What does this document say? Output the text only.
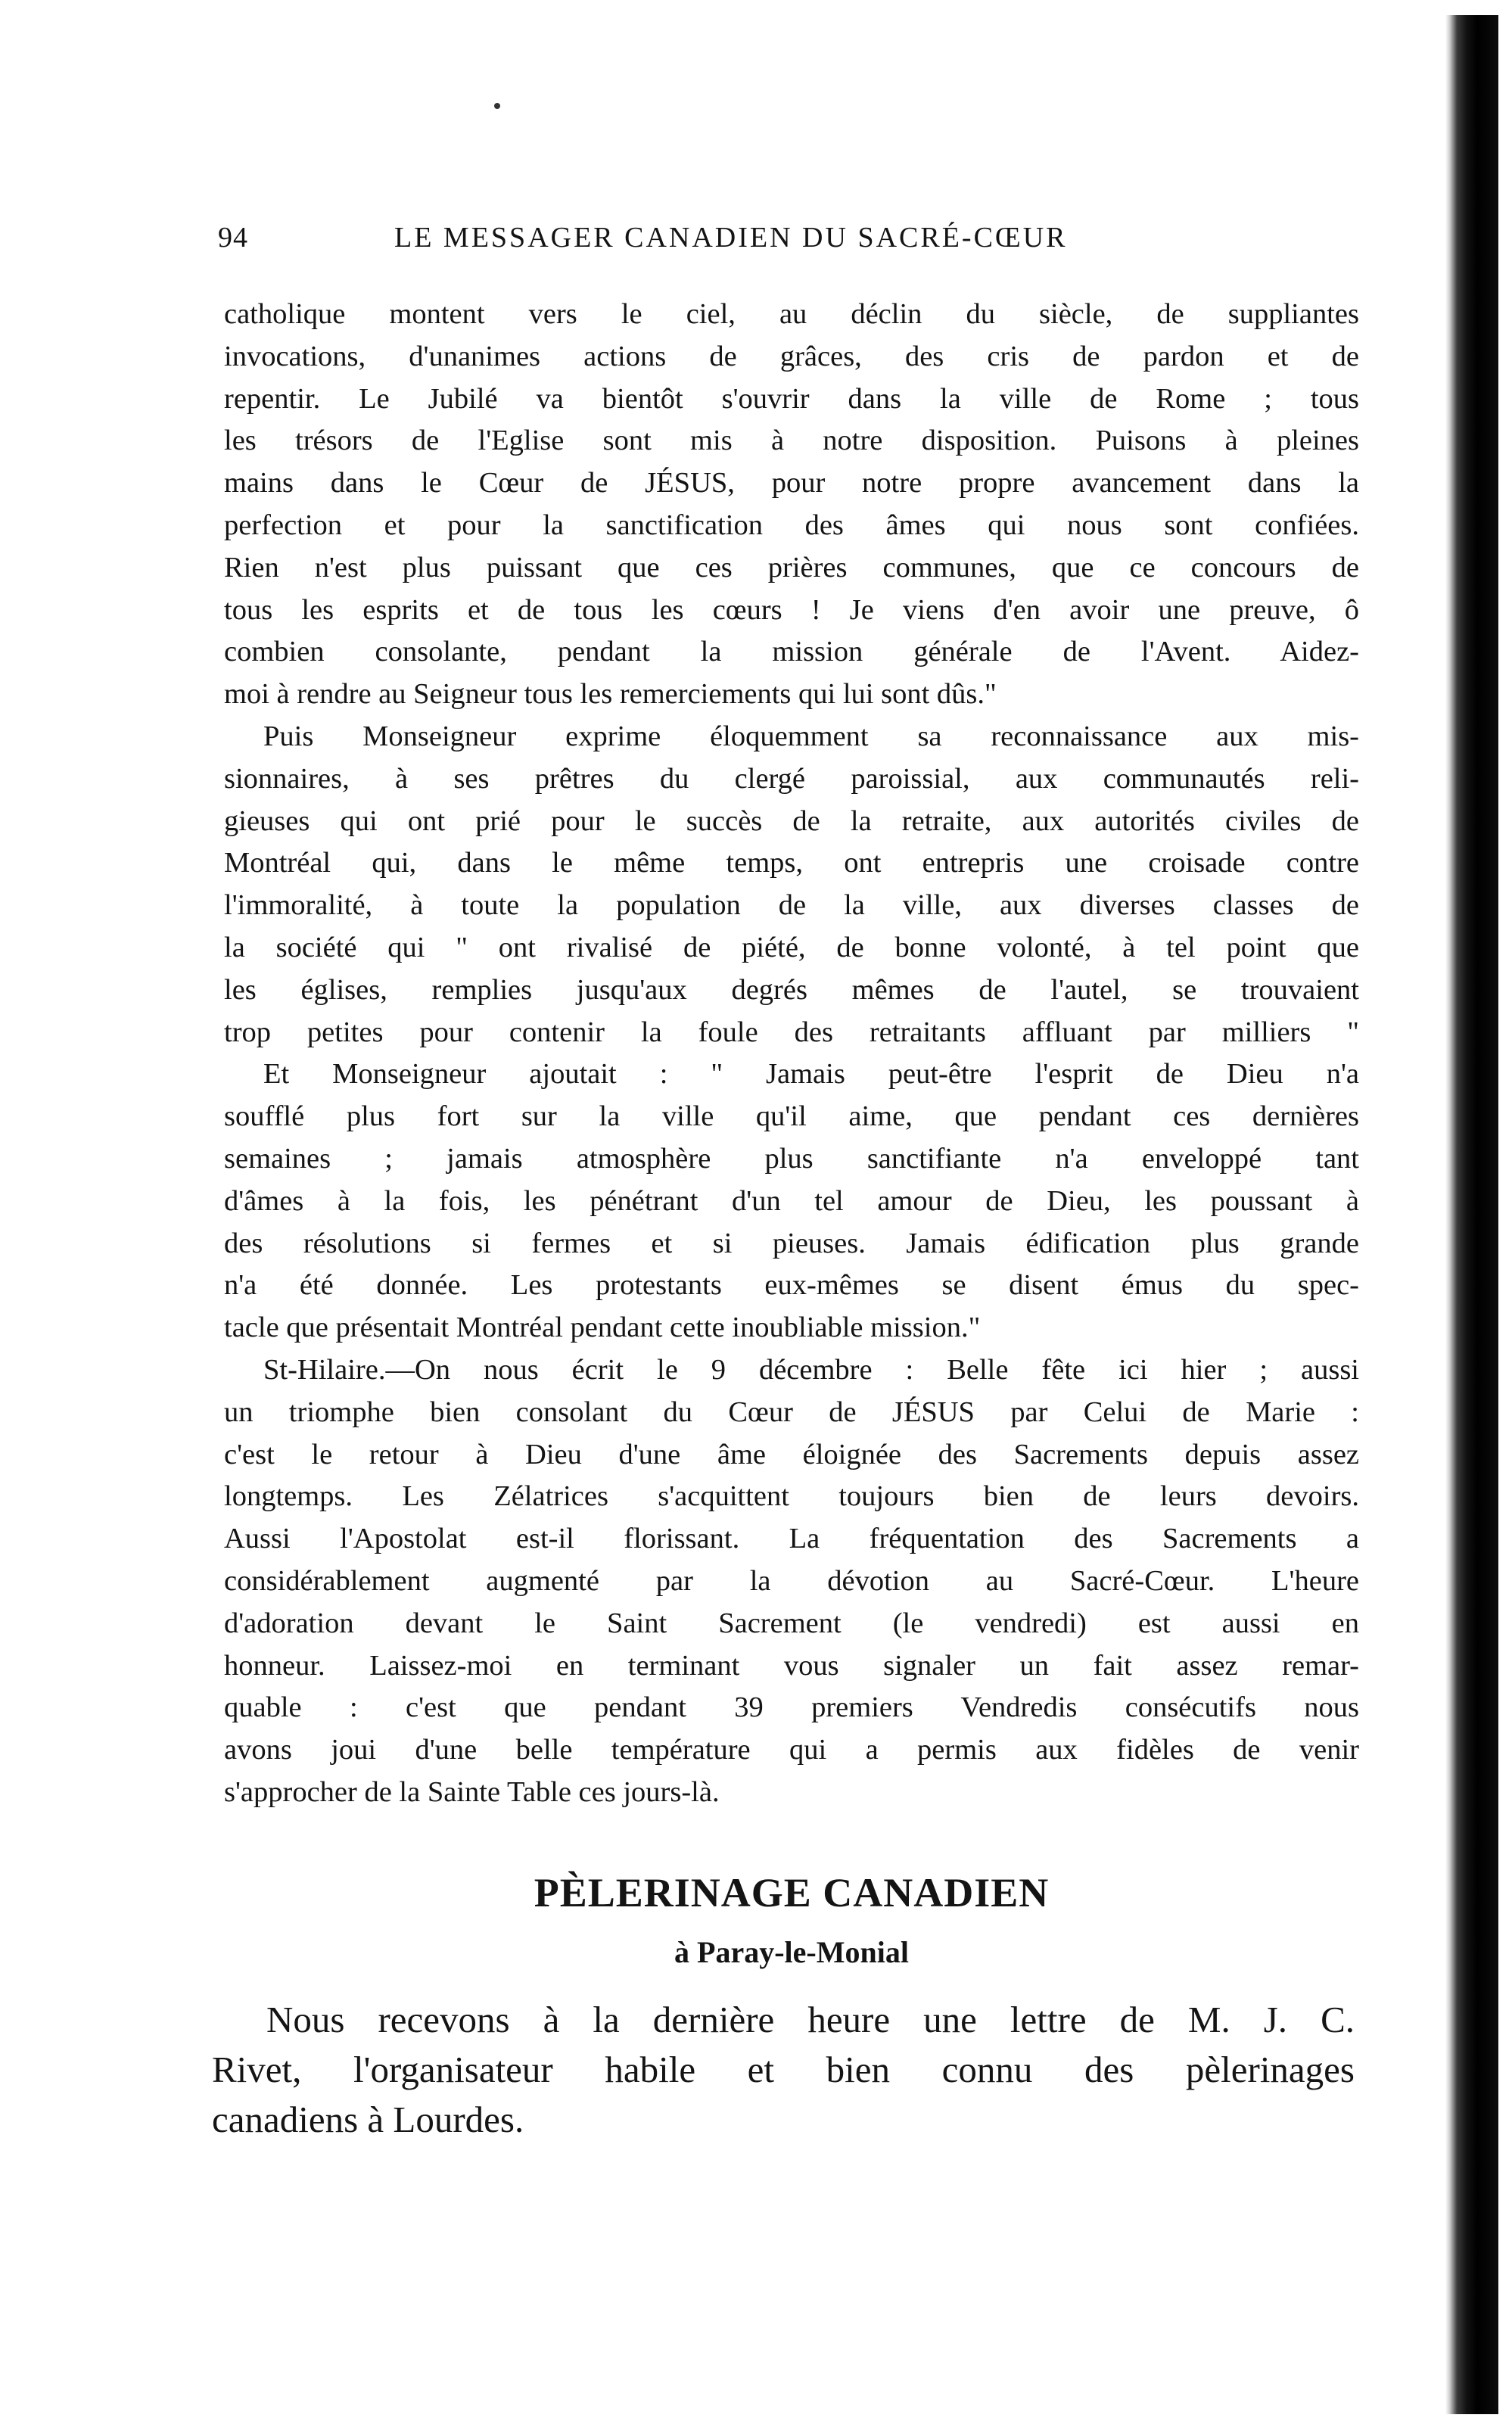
94	LE MESSAGER CANADIEN DU SACRÉ-CŒUR
catholique montent vers le ciel, au déclin du siècle, de suppliantes
invocations, d'unanimes actions de grâces, des cris de pardon et de
repentir. Le Jubilé va bientôt s'ouvrir dans la ville de Rome ; tous
les trésors de l'Eglise sont mis à notre disposition. Puisons à pleines
mains dans le Cœur de JÉSUS, pour notre propre avancement dans la
perfection et pour la sanctification des âmes qui nous sont confiées.
Rien n'est plus puissant que ces prières communes, que ce concours de
tous les esprits et de tous les cœurs ! Je viens d'en avoir une preuve, ô
combien consolante, pendant la mission générale de l'Avent. Aidez-
moi à rendre au Seigneur tous les remerciements qui lui sont dûs."
Puis Monseigneur exprime éloquemment sa reconnaissance aux mis-
sionnaires, à ses prêtres du clergé paroissial, aux communautés reli-
gieuses qui ont prié pour le succès de la retraite, aux autorités civiles de
Montréal qui, dans le même temps, ont entrepris une croisade contre
l'immoralité, à toute la population de la ville, aux diverses classes de
la société qui " ont rivalisé de piété, de bonne volonté, à tel point que
les églises, remplies jusqu'aux degrés mêmes de l'autel, se trouvaient
trop petites pour contenir la foule des retraitants affluant par milliers "
Et Monseigneur ajoutait : " Jamais peut-être l'esprit de Dieu n'a
soufflé plus fort sur la ville qu'il aime, que pendant ces dernières
semaines ; jamais atmosphère plus sanctifiante n'a enveloppé tant
d'âmes à la fois, les pénétrant d'un tel amour de Dieu, les poussant à
des résolutions si fermes et si pieuses. Jamais édification plus grande
n'a été donnée. Les protestants eux-mêmes se disent émus du spec-
tacle que présentait Montréal pendant cette inoubliable mission."
St-Hilaire.—On nous écrit le 9 décembre : Belle fête ici hier ; aussi
un triomphe bien consolant du Cœur de JÉSUS par Celui de Marie :
c'est le retour à Dieu d'une âme éloignée des Sacrements depuis assez
longtemps. Les Zélatrices s'acquittent toujours bien de leurs devoirs.
Aussi l'Apostolat est-il florissant. La fréquentation des Sacrements a
considérablement augmenté par la dévotion au Sacré-Cœur. L'heure
d'adoration devant le Saint Sacrement (le vendredi) est aussi en
honneur. Laissez-moi en terminant vous signaler un fait assez remar-
quable : c'est que pendant 39 premiers Vendredis consécutifs nous
avons joui d'une belle température qui a permis aux fidèles de venir
s'approcher de la Sainte Table ces jours-là.
PÈLERINAGE CANADIEN
à Paray-le-Monial
Nous recevons à la dernière heure une lettre de M. J. C.
Rivet, l'organisateur habile et bien connu des pèlerinages
canadiens à Lourdes.
